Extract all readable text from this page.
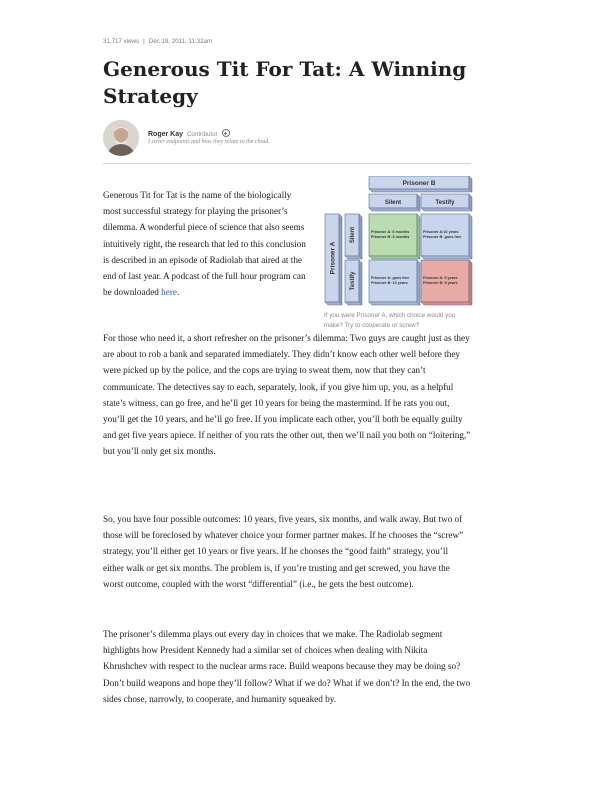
31,717 views | Dec 19, 2011, 11:32am
Generous Tit For Tat: A Winning Strategy
Roger Kay Contributor
I cover endpoints and how they relate to the cloud.

Generous Tit for Tat is the name of the biologically most successful strategy for playing the prisoner’s dilemma. A wonderful piece of science that also seems intuitively right, the research that led to this conclusion is described in an episode of Radiolab that aired at the end of last year. A podcast of the full hour program can be downloaded here.

Prisoner B
Silent	Testify
Prisoner A
Silent
Testify
Prisoner A: 6 months
Prisoner B: 6 months
Prisoner A:10 years
Prisoner B: goes free
Prisoner A: goes free
Prisoner B: 10 years
Prisoner A: 5 years
Prisoner B: 5 years
If you were Prisoner A, which choice would you make? Try to cooperate or screw?

For those who need it, a short refresher on the prisoner’s dilemma: Two guys are caught just as they are about to rob a bank and separated immediately. They didn’t know each other well before they were picked up by the police, and the cops are trying to sweat them, now that they can’t communicate. The detectives say to each, separately, look, if you give him up, you, as a helpful state’s witness, can go free, and he’ll get 10 years for being the mastermind. If he rats you out, you’ll get the 10 years, and he’ll go free. If you implicate each other, you’ll both be equally guilty and get five years apiece. If neither of you rats the other out, then we’ll nail you both on “loitering,” but you’ll only get six months.

So, you have four possible outcomes: 10 years, five years, six months, and walk away. But two of those will be foreclosed by whatever choice your former partner makes. If he chooses the “screw” strategy, you’ll either get 10 years or five years. If he chooses the “good faith” strategy, you’ll either walk or get six months. The problem is, if you’re trusting and get screwed, you have the worst outcome, coupled with the worst “differential” (i.e., he gets the best outcome).

The prisoner’s dilemma plays out every day in choices that we make. The Radiolab segment highlights how President Kennedy had a similar set of choices when dealing with Nikita Khrushchev with respect to the nuclear arms race. Build weapons because they may be doing so? Don’t build weapons and hope they’ll follow? What if we do? What if we don’t? In the end, the two sides chose, narrowly, to cooperate, and humanity squeaked by.
